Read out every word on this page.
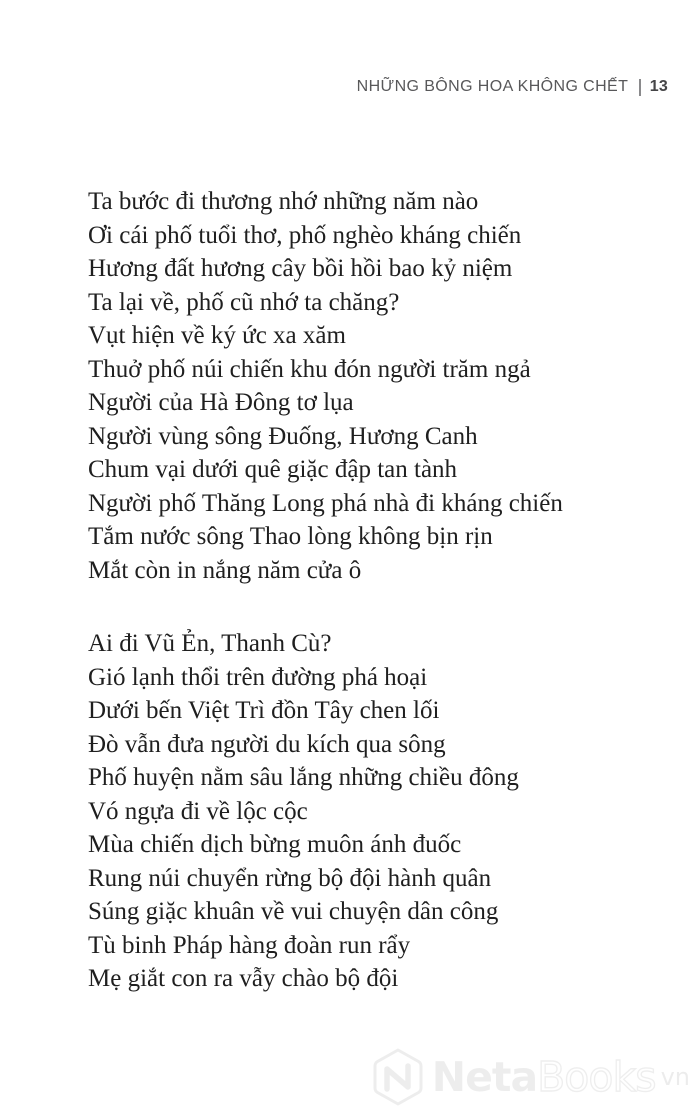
NHỮNG BÔNG HOA KHÔNG CHẾT 13
Ta bước đi thương nhớ những năm nào
Ơi cái phố tuổi thơ, phố nghèo kháng chiến
Hương đất hương cây bồi hồi bao kỷ niệm
Ta lại về, phố cũ nhớ ta chăng?
Vụt hiện về ký ức xa xăm
Thuở phố núi chiến khu đón người trăm ngả
Người của Hà Đông tơ lụa
Người vùng sông Đuống, Hương Canh
Chum vại dưới quê giặc đập tan tành
Người phố Thăng Long phá nhà đi kháng chiến
Tắm nước sông Thao lòng không bịn rịn
Mắt còn in nắng năm cửa ô
Ai đi Vũ Ẻn, Thanh Cù?
Gió lạnh thổi trên đường phá hoại
Dưới bến Việt Trì đồn Tây chen lối
Đò vẫn đưa người du kích qua sông
Phố huyện nằm sâu lắng những chiều đông
Vó ngựa đi về lộc cộc
Mùa chiến dịch bừng muôn ánh đuốc
Rung núi chuyển rừng bộ đội hành quân
Súng giặc khuân về vui chuyện dân công
Tù binh Pháp hàng đoàn run rẩy
Mẹ giắt con ra vẫy chào bộ đội
Neta Books vn
